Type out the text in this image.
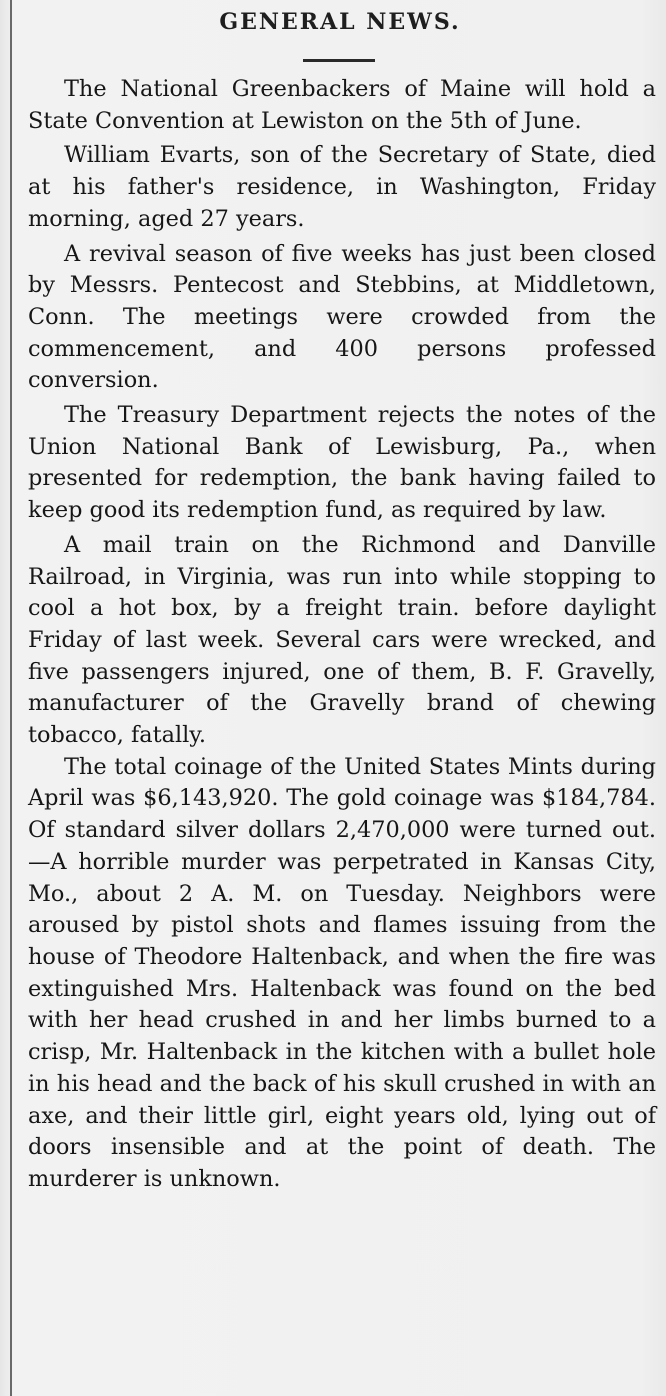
GENERAL NEWS.

The National Greenbackers of Maine will hold a State Convention at Lewiston on the 5th of June.

William Evarts, son of the Secretary of State, died at his father's residence, in Washington, Friday morning, aged 27 years.

A revival season of five weeks has just been closed by Messrs. Pentecost and Stebbins, at Middletown, Conn. The meetings were crowded from the commencement, and 400 persons professed conversion.

The Treasury Department rejects the notes of the Union National Bank of Lewisburg, Pa., when presented for redemption, the bank having failed to keep good its redemption fund, as required by law.

A mail train on the Richmond and Danville Railroad, in Virginia, was run into while stopping to cool a hot box, by a freight train. before daylight Friday of last week. Several cars were wrecked, and five passengers injured, one of them, B. F. Gravelly, manufacturer of the Gravelly brand of chewing tobacco, fatally.

The total coinage of the United States Mints during April was $6,143,920. The gold coinage was $184,784. Of standard silver dollars 2,470,000 were turned out.—A horrible murder was perpetrated in Kansas City, Mo., about 2 A. M. on Tuesday. Neighbors were aroused by pistol shots and flames issuing from the house of Theodore Haltenback, and when the fire was extinguished Mrs. Haltenback was found on the bed with her head crushed in and her limbs burned to a crisp, Mr. Haltenback in the kitchen with a bullet hole in his head and the back of his skull crushed in with an axe, and their little girl, eight years old, lying out of doors insensible and at the point of death. The murderer is unknown.
